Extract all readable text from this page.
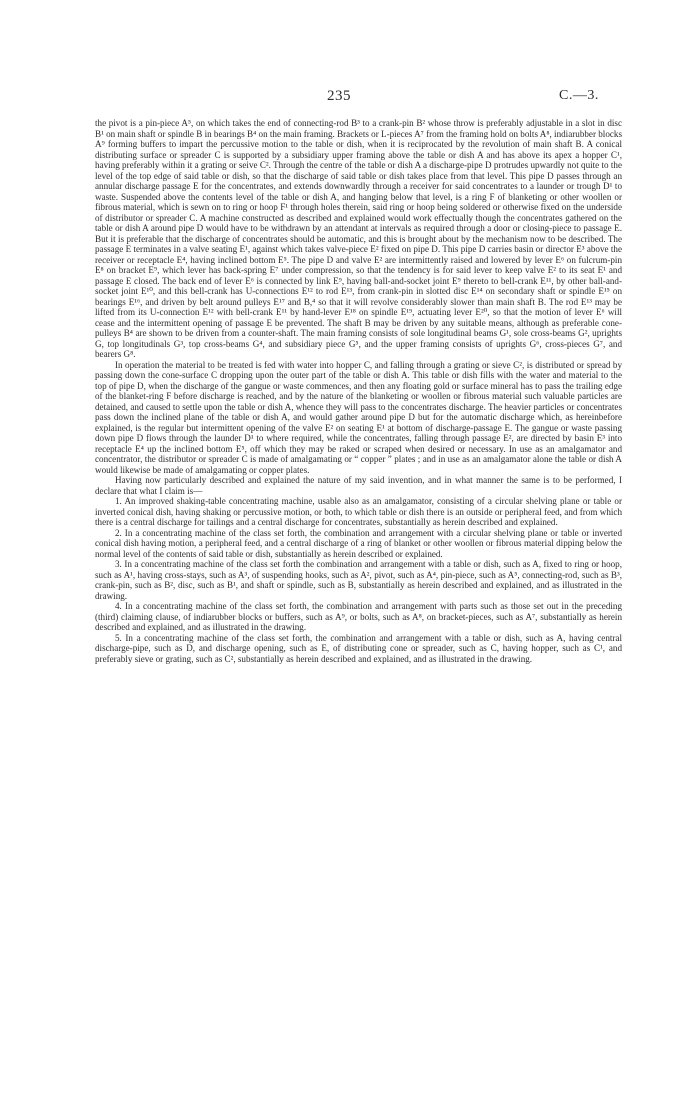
235	C.—3.

the pivot is a pin-piece A⁵, on which takes the end of connecting-rod B³ to a crank-pin B² whose throw is preferably adjustable in a slot in disc B¹ on main shaft or spindle B in bearings B⁴ on the main framing. Brackets or L-pieces A⁷ from the framing hold on bolts A⁸, indiarubber blocks A⁹ forming buffers to impart the percussive motion to the table or dish, when it is reciprocated by the revolution of main shaft B. A conical distributing surface or spreader C is supported by a subsidiary upper framing above the table or dish A and has above its apex a hopper C¹, having preferably within it a grating or seive C². Through the centre of the table or dish A a discharge-pipe D protrudes upwardly not quite to the level of the top edge of said table or dish, so that the discharge of said table or dish takes place from that level. This pipe D passes through an annular discharge passage E for the concentrates, and extends downwardly through a receiver for said concentrates to a launder or trough D¹ to waste. Suspended above the contents level of the table or dish A, and hanging below that level, is a ring F of blanketing or other woollen or fibrous material, which is sewn on to ring or hoop F¹ through holes therein, said ring or hoop being soldered or otherwise fixed on the underside of distributor or spreader C. A machine constructed as described and explained would work effectually though the concentrates gathered on the table or dish A around pipe D would have to be withdrawn by an attendant at intervals as required through a door or closing-piece to passage E. But it is preferable that the discharge of concentrates should be automatic, and this is brought about by the mechanism now to be described. The passage E terminates in a valve seating E¹, against which takes valve-piece E² fixed on pipe D. This pipe D carries basin or director E³ above the receiver or receptacle E⁴, having inclined bottom E⁵. The pipe D and valve E² are intermittently raised and lowered by lever E⁶ on fulcrum-pin E⁸ on bracket E⁹, which lever has back-spring E⁷ under compression, so that the tendency is for said lever to keep valve E² to its seat E¹ and passage E closed. The back end of lever E⁶ is connected by link E⁹, having ball-and-socket joint E⁹ thereto to bell-crank E¹¹, by other ball-and-socket joint E¹⁰, and this bell-crank has U-connections E¹² to rod E¹³, from crank-pin in slotted disc E¹⁴ on secondary shaft or spindle E¹⁵ on bearings E¹⁶, and driven by belt around pulleys E¹⁷ and B,⁴ so that it will revolve considerably slower than main shaft B. The rod E¹³ may be lifted from its U-connection E¹² with bell-crank E¹¹ by hand-lever E¹⁸ on spindle E¹⁹, actuating lever E²⁰, so that the motion of lever E⁶ will cease and the intermittent opening of passage E be prevented. The shaft B may be driven by any suitable means, although as preferable cone-pulleys B⁴ are shown to be driven from a counter-shaft. The main framing consists of sole longitudinal beams G¹, sole cross-beams G², uprights G, top longitudinals G³, top cross-beams G⁴, and subsidiary piece G⁵, and the upper framing consists of uprights G⁶, cross-pieces G⁷, and bearers G⁸.

In operation the material to be treated is fed with water into hopper C, and falling through a grating or sieve C², is distributed or spread by passing down the cone-surface C dropping upon the outer part of the table or dish A. This table or dish fills with the water and material to the top of pipe D, when the discharge of the gangue or waste commences, and then any floating gold or surface mineral has to pass the trailing edge of the blanket-ring F before discharge is reached, and by the nature of the blanketing or woollen or fibrous material such valuable particles are detained, and caused to settle upon the table or dish A, whence they will pass to the concentrates discharge. The heavier particles or concentrates pass down the inclined plane of the table or dish A, and would gather around pipe D but for the automatic discharge which, as hereinbefore explained, is the regular but intermittent opening of the valve E² on seating E¹ at bottom of discharge-passage E. The gangue or waste passing down pipe D flows through the launder D¹ to where required, while the concentrates, falling through passage E², are directed by basin E³ into receptacle E⁴ up the inclined bottom E⁵, off which they may be raked or scraped when desired or necessary. In use as an amalgamator and concentrator, the distributor or spreader C is made of amalgamating or “ copper ” plates ; and in use as an amalgamator alone the table or dish A would likewise be made of amalgamating or copper plates.

Having now particularly described and explained the nature of my said invention, and in what manner the same is to be performed, I declare that what I claim is—

1. An improved shaking-table concentrating machine, usable also as an amalgamator, consisting of a circular shelving plane or table or inverted conical dish, having shaking or percussive motion, or both, to which table or dish there is an outside or peripheral feed, and from which there is a central discharge for tailings and a central discharge for concentrates, substantially as herein described and explained.

2. In a concentrating machine of the class set forth, the combination and arrangement with a circular shelving plane or table or inverted conical dish having motion, a peripheral feed, and a central discharge of a ring of blanket or other woollen or fibrous material dipping below the normal level of the contents of said table or dish, substantially as herein described or explained.

3. In a concentrating machine of the class set forth the combination and arrangement with a table or dish, such as A, fixed to ring or hoop, such as A¹, having cross-stays, such as A³, of suspending hooks, such as A², pivot, such as A⁴, pin-piece, such as A⁵, connecting-rod, such as B³, crank-pin, such as B², disc, such as B¹, and shaft or spindle, such as B, substantially as herein described and explained, and as illustrated in the drawing.

4. In a concentrating machine of the class set forth, the combination and arrangement with parts such as those set out in the preceding (third) claiming clause, of indiarubber blocks or buffers, such as A⁹, or bolts, such as A⁸, on bracket-pieces, such as A⁷, substantially as herein described and explained, and as illustrated in the drawing.

5. In a concentrating machine of the class set forth, the combination and arrangement with a table or dish, such as A, having central discharge-pipe, such as D, and discharge opening, such as E, of distributing cone or spreader, such as C, having hopper, such as C¹, and preferably sieve or grating, such as C², substantially as herein described and explained, and as illustrated in the drawing.
